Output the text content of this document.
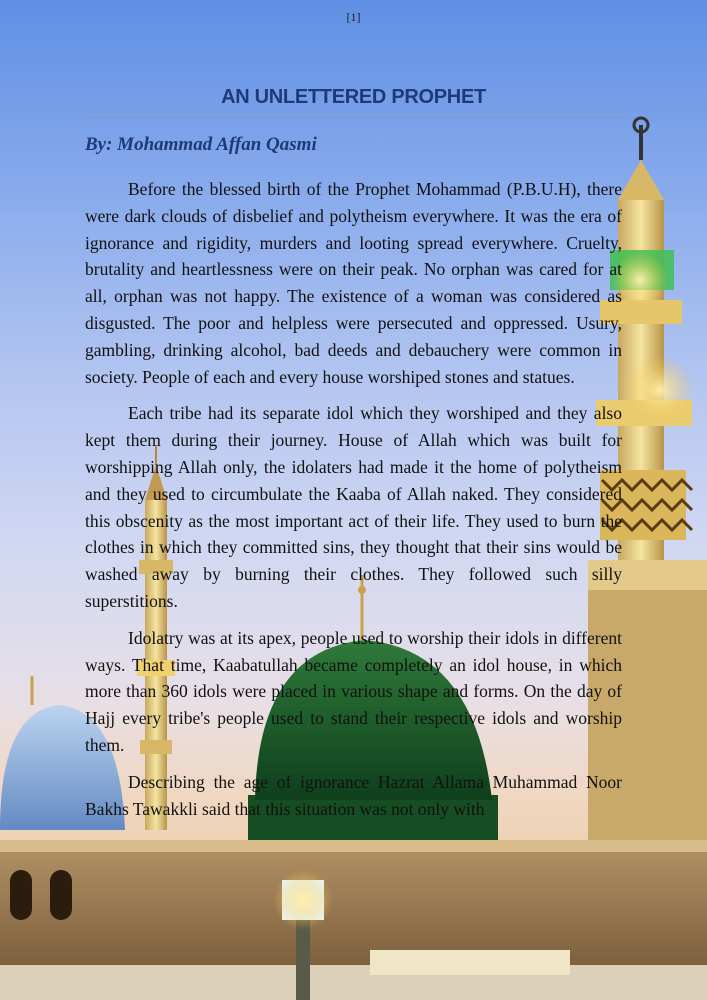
[1]
AN UNLETTERED PROPHET
By: Mohammad Affan Qasmi

Before the blessed birth of the Prophet Mohammad (P.B.U.H), there were dark clouds of disbelief and polytheism everywhere. It was the era of ignorance and rigidity, murders and looting spread everywhere. Cruelty, brutality and heartlessness were on their peak. No orphan was cared for at all, orphan was not happy. The existence of a woman was considered as disgusted. The poor and helpless were persecuted and oppressed. Usury, gambling, drinking alcohol, bad deeds and debauchery were common in society. People of each and every house worshiped stones and statues.

Each tribe had its separate idol which they worshiped and they also kept them during their journey. House of Allah which was built for worshipping Allah only, the idolaters had made it the home of polytheism and they used to circumbulate the Kaaba of Allah naked. They considered this obscenity as the most important act of their life. They used to burn the clothes in which they committed sins, they thought that their sins would be washed away by burning their clothes. They followed such silly superstitions.

Idolatry was at its apex, people used to worship their idols in different ways. That time, Kaabatullah became completely an idol house, in which more than 360 idols were placed in various shape and forms. On the day of Hajj every tribe's people used to stand their respective idols and worship them.

Describing the age of ignorance Hazrat Allama Muhammad Noor Bakhs Tawakkli said that this situation was not only with
